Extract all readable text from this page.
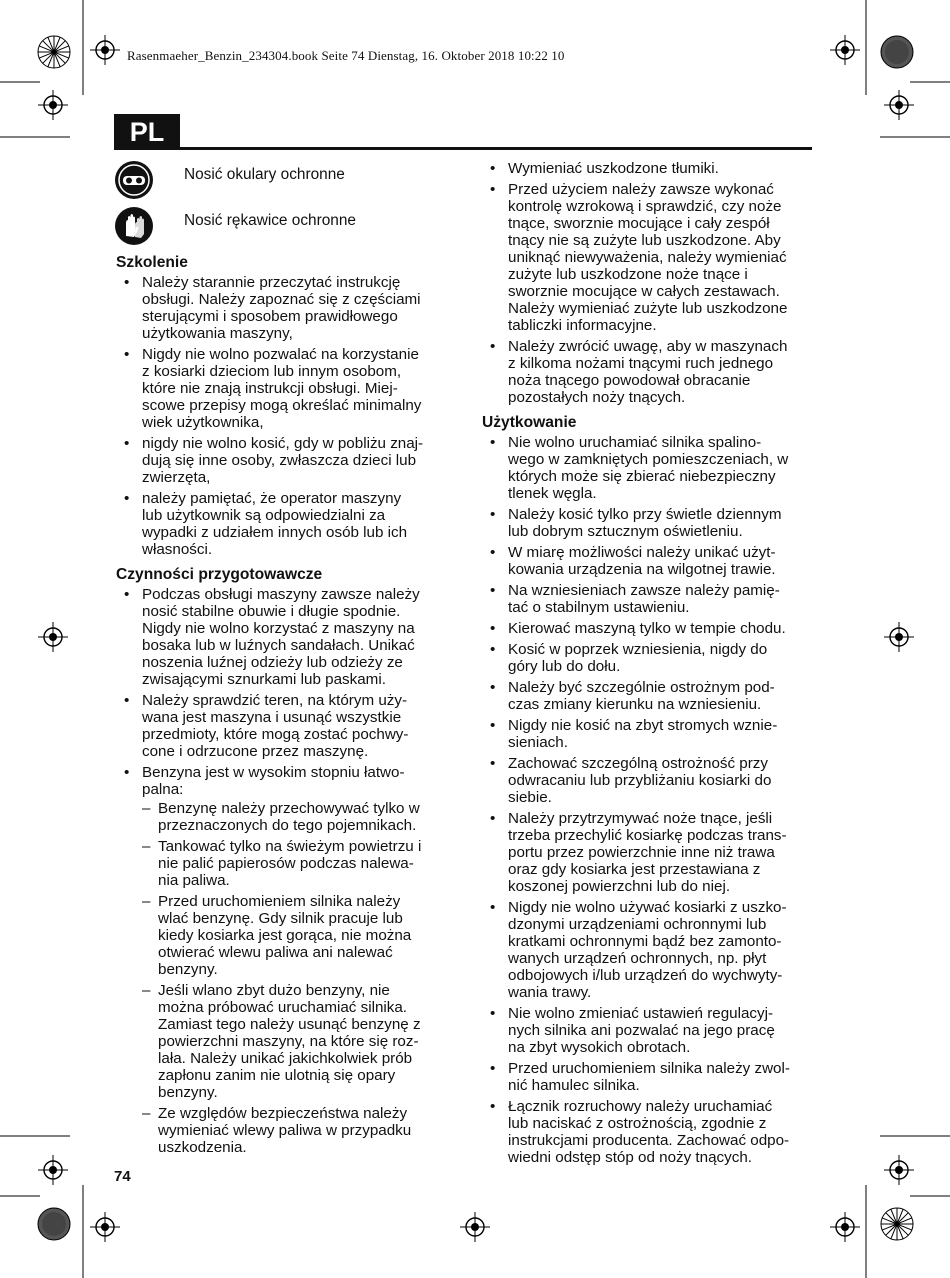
Rasenmaeher_Benzin_234304.book Seite 74 Dienstag, 16. Oktober 2018 10:22 10
PL
Nosić okulary ochronne
Nosić rękawice ochronne
Szkolenie
• Należy starannie przeczytać instrukcję
obsługi. Należy zapoznać się z częściami
sterującymi i sposobem prawidłowego
użytkowania maszyny,
• Nigdy nie wolno pozwalać na korzystanie
z kosiarki dzieciom lub innym osobom,
które nie znają instrukcji obsługi. Miej-
scowe przepisy mogą określać minimalny
wiek użytkownika,
• nigdy nie wolno kosić, gdy w pobliżu znaj-
dują się inne osoby, zwłaszcza dzieci lub
zwierzęta,
• należy pamiętać, że operator maszyny
lub użytkownik są odpowiedzialni za
wypadki z udziałem innych osób lub ich
własności.
Czynności przygotowawcze
• Podczas obsługi maszyny zawsze należy
nosić stabilne obuwie i długie spodnie.
Nigdy nie wolno korzystać z maszyny na
bosaka lub w luźnych sandałach. Unikać
noszenia luźnej odzieży lub odzieży ze
zwisającymi sznurkami lub paskami.
• Należy sprawdzić teren, na którym uży-
wana jest maszyna i usunąć wszystkie
przedmioty, które mogą zostać pochwy-
cone i odrzucone przez maszynę.
• Benzyna jest w wysokim stopniu łatwo-
palna:
– Benzynę należy przechowywać tylko w
przeznaczonych do tego pojemnikach.
– Tankować tylko na świeżym powietrzu i
nie palić papierosów podczas nalewa-
nia paliwa.
– Przed uruchomieniem silnika należy
wlać benzynę. Gdy silnik pracuje lub
kiedy kosiarka jest gorąca, nie można
otwierać wlewu paliwa ani nalewać
benzyny.
– Jeśli wlano zbyt dużo benzyny, nie
można próbować uruchamiać silnika.
Zamiast tego należy usunąć benzynę z
powierzchni maszyny, na które się roz-
lała. Należy unikać jakichkolwiek prób
zapłonu zanim nie ulotnią się opary
benzyny.
– Ze względów bezpieczeństwa należy
wymieniać wlewy paliwa w przypadku
uszkodzenia.
• Wymieniać uszkodzone tłumiki.
• Przed użyciem należy zawsze wykonać
kontrolę wzrokową i sprawdzić, czy noże
tnące, sworznie mocujące i cały zespół
tnący nie są zużyte lub uszkodzone. Aby
uniknąć niewyważenia, należy wymieniać
zużyte lub uszkodzone noże tnące i
sworznie mocujące w całych zestawach.
Należy wymieniać zużyte lub uszkodzone
tabliczki informacyjne.
• Należy zwrócić uwagę, aby w maszynach
z kilkoma nożami tnącymi ruch jednego
noża tnącego powodował obracanie
pozostałych noży tnących.
Użytkowanie
• Nie wolno uruchamiać silnika spalino-
wego w zamkniętych pomieszczeniach, w
których może się zbierać niebezpieczny
tlenek węgla.
• Należy kosić tylko przy świetle dziennym
lub dobrym sztucznym oświetleniu.
• W miarę możliwości należy unikać użyt-
kowania urządzenia na wilgotnej trawie.
• Na wzniesieniach zawsze należy pamię-
tać o stabilnym ustawieniu.
• Kierować maszyną tylko w tempie chodu.
• Kosić w poprzek wzniesienia, nigdy do
góry lub do dołu.
• Należy być szczególnie ostrożnym pod-
czas zmiany kierunku na wzniesieniu.
• Nigdy nie kosić na zbyt stromych wznie-
sieniach.
• Zachować szczególną ostrożność przy
odwracaniu lub przybliżaniu kosiarki do
siebie.
• Należy przytrzymywać noże tnące, jeśli
trzeba przechylić kosiarkę podczas trans-
portu przez powierzchnie inne niż trawa
oraz gdy kosiarka jest przestawiana z
koszonej powierzchni lub do niej.
• Nigdy nie wolno używać kosiarki z uszko-
dzonymi urządzeniami ochronnymi lub
kratkami ochronnymi bądź bez zamonto-
wanych urządzeń ochronnych, np. płyt
odbojowych i/lub urządzeń do wychwyty-
wania trawy.
• Nie wolno zmieniać ustawień regulacyj-
nych silnika ani pozwalać na jego pracę
na zbyt wysokich obrotach.
• Przed uruchomieniem silnika należy zwol-
nić hamulec silnika.
• Łącznik rozruchowy należy uruchamiać
lub naciskać z ostrożnością, zgodnie z
instrukcjami producenta. Zachować odpo-
wiedni odstęp stóp od noży tnących.
74
